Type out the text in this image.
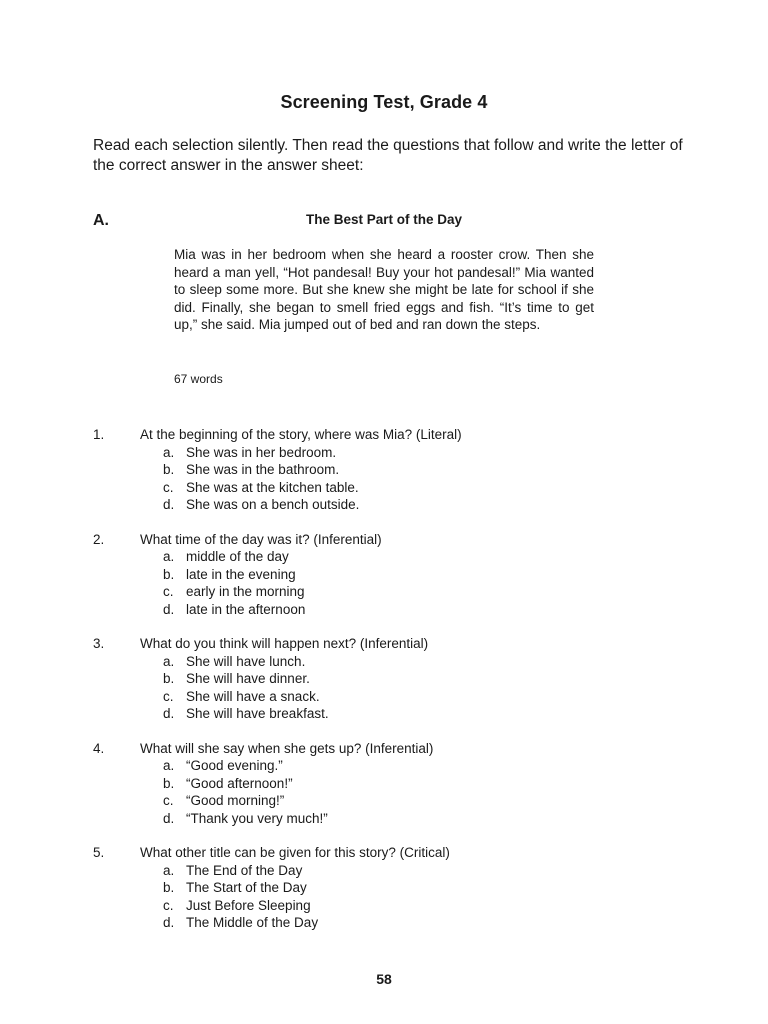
Screening Test, Grade 4
Read each selection silently. Then read the questions that follow and write the letter of the correct answer in the answer sheet:
A.	The Best Part of the Day
Mia was in her bedroom when she heard a rooster crow. Then she heard a man yell, “Hot pandesal! Buy your hot pandesal!” Mia wanted to sleep some more. But she knew she might be late for school if she did. Finally, she began to smell fried eggs and fish. “It’s time to get up,” she said. Mia jumped out of bed and ran down the steps.
67 words
1.	At the beginning of the story, where was Mia? (Literal)
a. She was in her bedroom.
b. She was in the bathroom.
c. She was at the kitchen table.
d. She was on a bench outside.
2.	What time of the day was it? (Inferential)
a. middle of the day
b. late in the evening
c. early in the morning
d. late in the afternoon
3.	What do you think will happen next? (Inferential)
a. She will have lunch.
b. She will have dinner.
c. She will have a snack.
d. She will have breakfast.
4.	What will she say when she gets up? (Inferential)
a. “Good evening.”
b. “Good afternoon!”
c. “Good morning!”
d. “Thank you very much!”
5.	What other title can be given for this story? (Critical)
a. The End of the Day
b. The Start of the Day
c. Just Before Sleeping
d. The Middle of the Day
58
